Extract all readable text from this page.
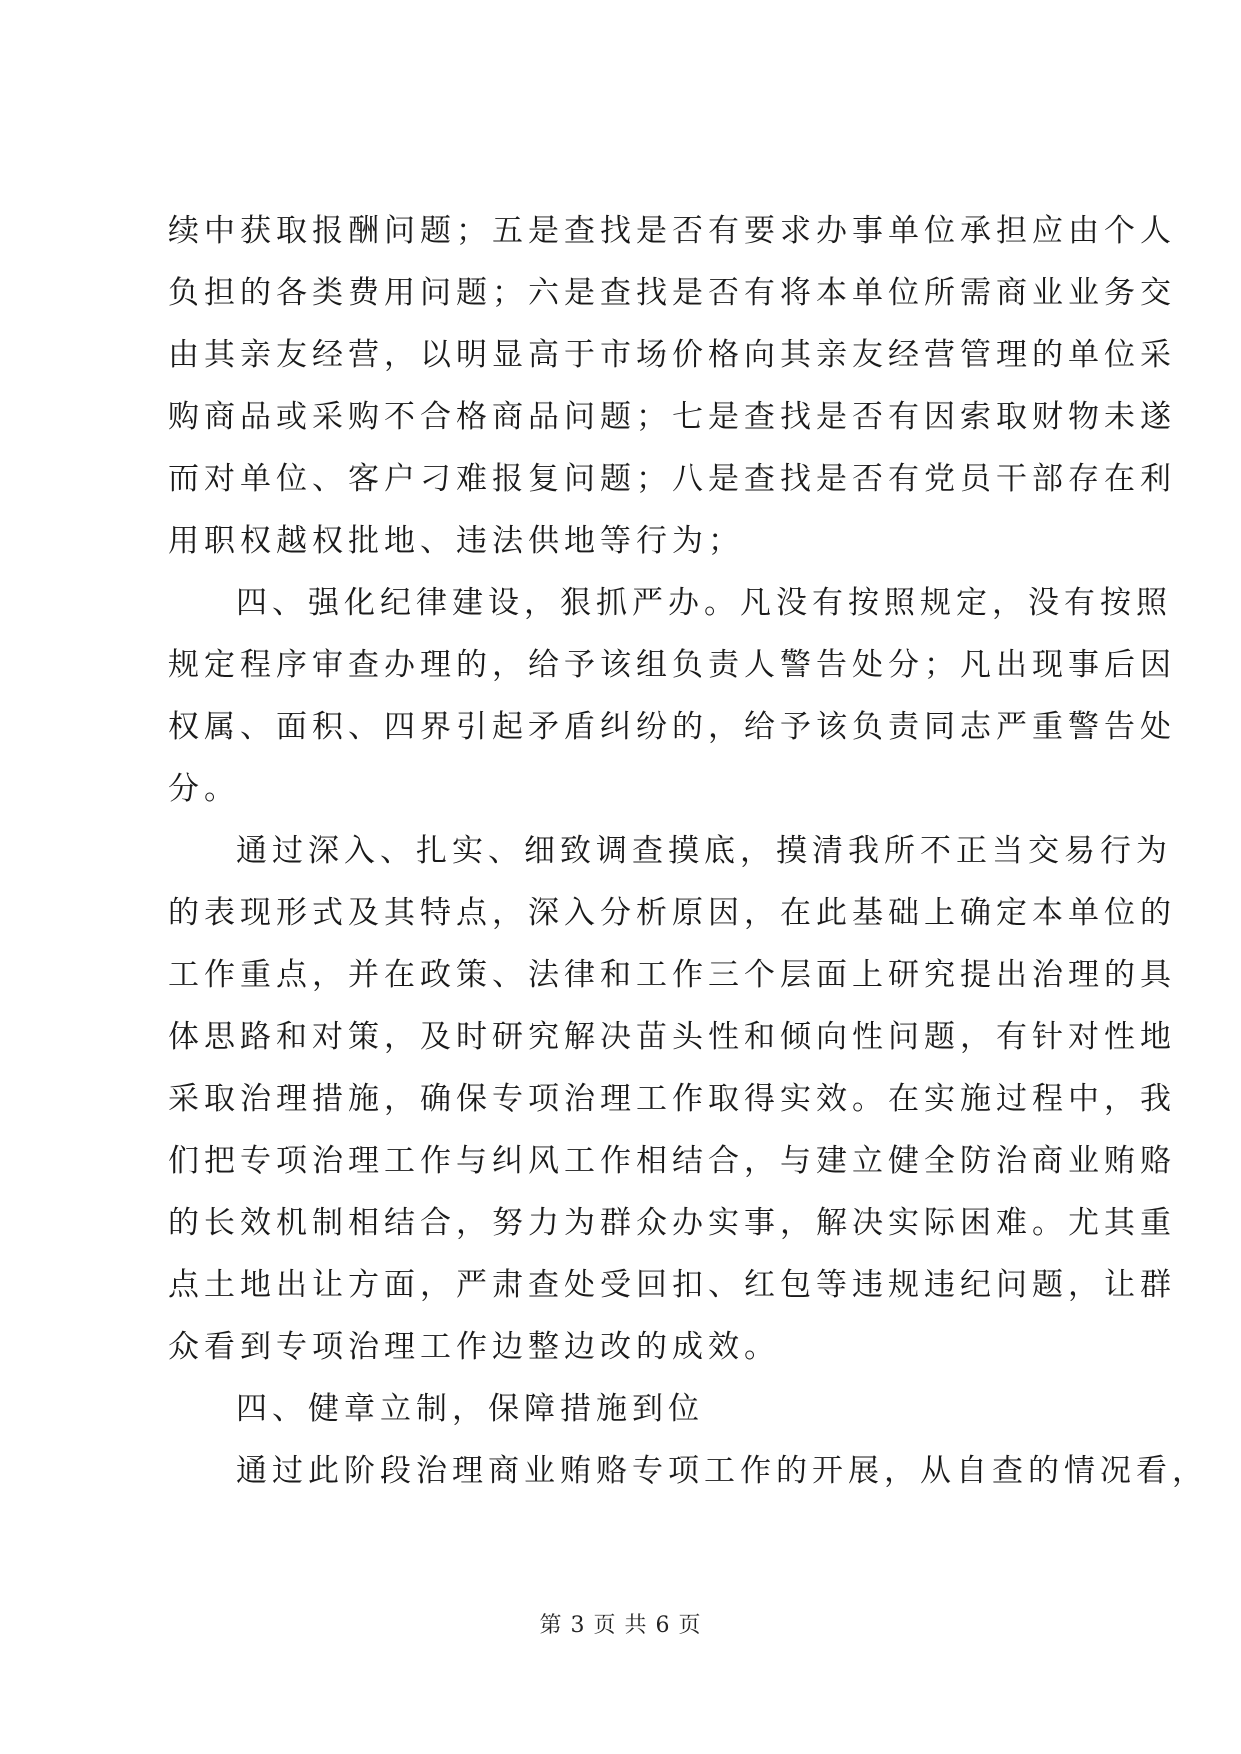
续中获取报酬问题；五是查找是否有要求办事单位承担应由个人
负担的各类费用问题；六是查找是否有将本单位所需商业业务交
由其亲友经营，以明显高于市场价格向其亲友经营管理的单位采
购商品或采购不合格商品问题；七是查找是否有因索取财物未遂
而对单位、客户刁难报复问题；八是查找是否有党员干部存在利
用职权越权批地、违法供地等行为；
四、强化纪律建设，狠抓严办。凡没有按照规定，没有按照
规定程序审查办理的，给予该组负责人警告处分；凡出现事后因
权属、面积、四界引起矛盾纠纷的，给予该负责同志严重警告处
分。
通过深入、扎实、细致调查摸底，摸清我所不正当交易行为
的表现形式及其特点，深入分析原因，在此基础上确定本单位的
工作重点，并在政策、法律和工作三个层面上研究提出治理的具
体思路和对策，及时研究解决苗头性和倾向性问题，有针对性地
采取治理措施，确保专项治理工作取得实效。在实施过程中，我
们把专项治理工作与纠风工作相结合，与建立健全防治商业贿赂
的长效机制相结合，努力为群众办实事，解决实际困难。尤其重
点土地出让方面，严肃查处受回扣、红包等违规违纪问题，让群
众看到专项治理工作边整边改的成效。
四、健章立制，保障措施到位
通过此阶段治理商业贿赂专项工作的开展，从自查的情况看，
第 3 页 共 6 页
